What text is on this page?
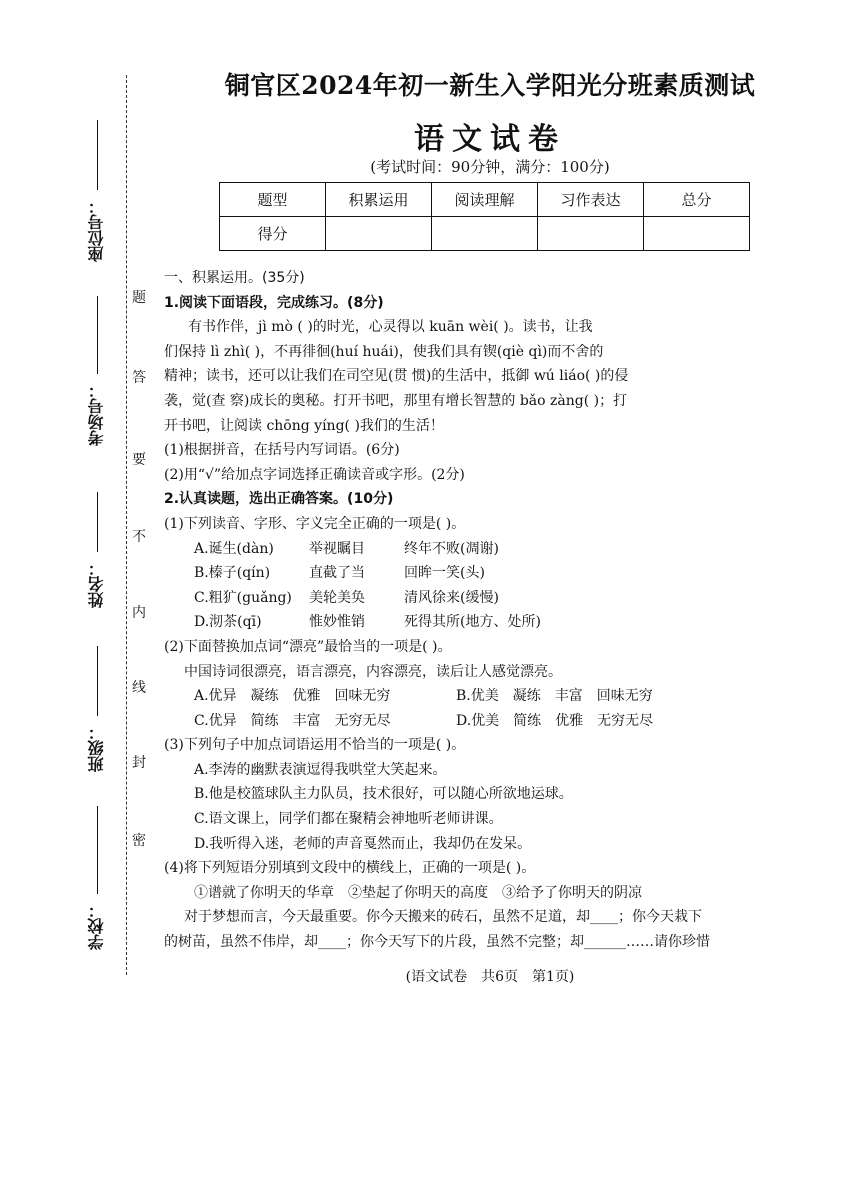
座位号：
考场号：
姓名：
班级：
学校：
题
答
要
不
内
线
封
密
铜官区2024年初一新生入学阳光分班素质测试
语文试卷
(考试时间：90分钟，满分：100分)
题型	积累运用	阅读理解	习作表达	总分
得分				
一、积累运用。(35分)
1.阅读下面语段，完成练习。(8分)
有书作伴，jì mò ( )的时光，心灵得以 kuān wèi( )。读书，让我
们保持 lì zhì( )，不再徘徊(huí huái)，使我们具有锲(qiè qì)而不舍的
精神；读书，还可以让我们在司空见(贯 惯)的生活中，抵御 wú liáo( )的侵
袭，觉(查 察)成长的奥秘。打开书吧，那里有增长智慧的 bǎo zàng( )；打
开书吧，让阅读 chōng yíng( )我们的生活！
(1)根据拼音，在括号内写词语。(6分)
(2)用“√”给加点字词选择正确读音或字形。(2分)
2.认真读题，选出正确答案。(10分)
(1)下列读音、字形、字义完全正确的一项是( )。
A.诞生(dàn)	举视瞩目	终年不败(凋谢)
B.榛子(qín)	直截了当	回眸一笑(头)
C.粗犷(guǎng)	美轮美奂	清风徐来(缓慢)
D.沏茶(qī)	惟妙惟销	死得其所(地方、处所)
(2)下面替换加点词“漂亮”最恰当的一项是( )。
中国诗词很漂亮，语言漂亮，内容漂亮，读后让人感觉漂亮。
A.优异　凝练　优雅　回味无穷	B.优美　凝练　丰富　回味无穷
C.优异　简练　丰富　无穷无尽	D.优美　简练　优雅　无穷无尽
(3)下列句子中加点词语运用不恰当的一项是( )。
A.李涛的幽默表演逗得我哄堂大笑起来。
B.他是校篮球队主力队员，技术很好，可以随心所欲地运球。
C.语文课上，同学们都在聚精会神地听老师讲课。
D.我听得入迷，老师的声音戛然而止，我却仍在发呆。
(4)将下列短语分别填到文段中的横线上，正确的一项是( )。
①谱就了你明天的华章　②垫起了你明天的高度　③给予了你明天的阴凉
对于梦想而言，今天最重要。你今天搬来的砖石，虽然不足道，却____；你今天栽下
的树苗，虽然不伟岸，却____；你今天写下的片段，虽然不完整；却______……请你珍惜
(语文试卷　共6页　第1页)
